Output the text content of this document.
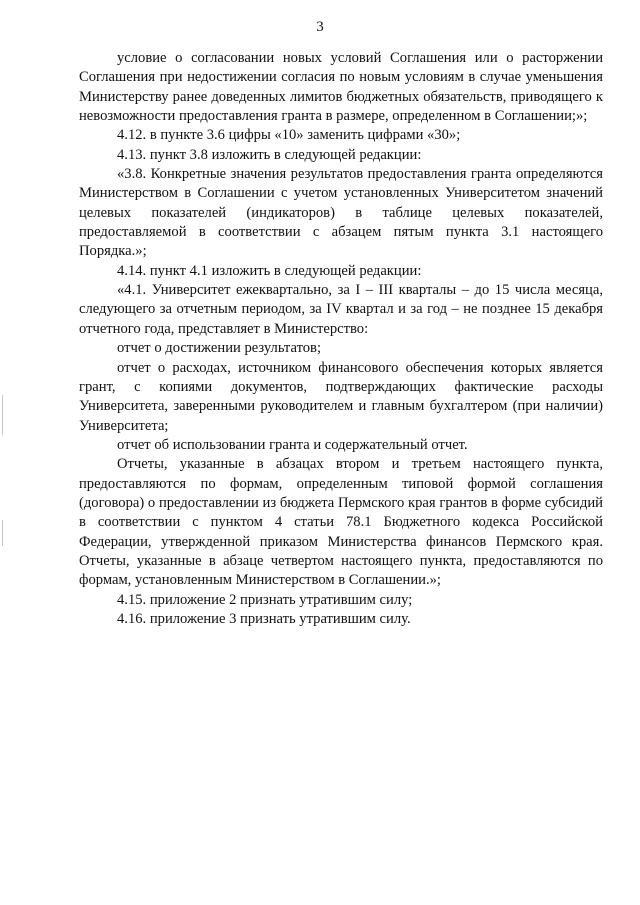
3

условие о согласовании новых условий Соглашения или о расторжении Соглашения при недостижении согласия по новым условиям в случае уменьшения Министерству ранее доведенных лимитов бюджетных обязательств, приводящего к невозможности предоставления гранта в размере, определенном в Соглашении;»;

4.12. в пункте 3.6 цифры «10» заменить цифрами «30»;

4.13. пункт 3.8 изложить в следующей редакции:

«3.8. Конкретные значения результатов предоставления гранта определяются Министерством в Соглашении с учетом установленных Университетом значений целевых показателей (индикаторов) в таблице целевых показателей, предоставляемой в соответствии с абзацем пятым пункта 3.1 настоящего Порядка.»;

4.14. пункт 4.1 изложить в следующей редакции:

«4.1. Университет ежеквартально, за I – III кварталы – до 15 числа месяца, следующего за отчетным периодом, за IV квартал и за год – не позднее 15 декабря отчетного года, представляет в Министерство:

отчет о достижении результатов;

отчет о расходах, источником финансового обеспечения которых является грант, с копиями документов, подтверждающих фактические расходы Университета, заверенными руководителем и главным бухгалтером (при наличии) Университета;

отчет об использовании гранта и содержательный отчет.

Отчеты, указанные в абзацах втором и третьем настоящего пункта, предоставляются по формам, определенным типовой формой соглашения (договора) о предоставлении из бюджета Пермского края грантов в форме субсидий в соответствии с пунктом 4 статьи 78.1 Бюджетного кодекса Российской Федерации, утвержденной приказом Министерства финансов Пермского края. Отчеты, указанные в абзаце четвертом настоящего пункта, предоставляются по формам, установленным Министерством в Соглашении.»;

4.15. приложение 2 признать утратившим силу;

4.16. приложение 3 признать утратившим силу.
